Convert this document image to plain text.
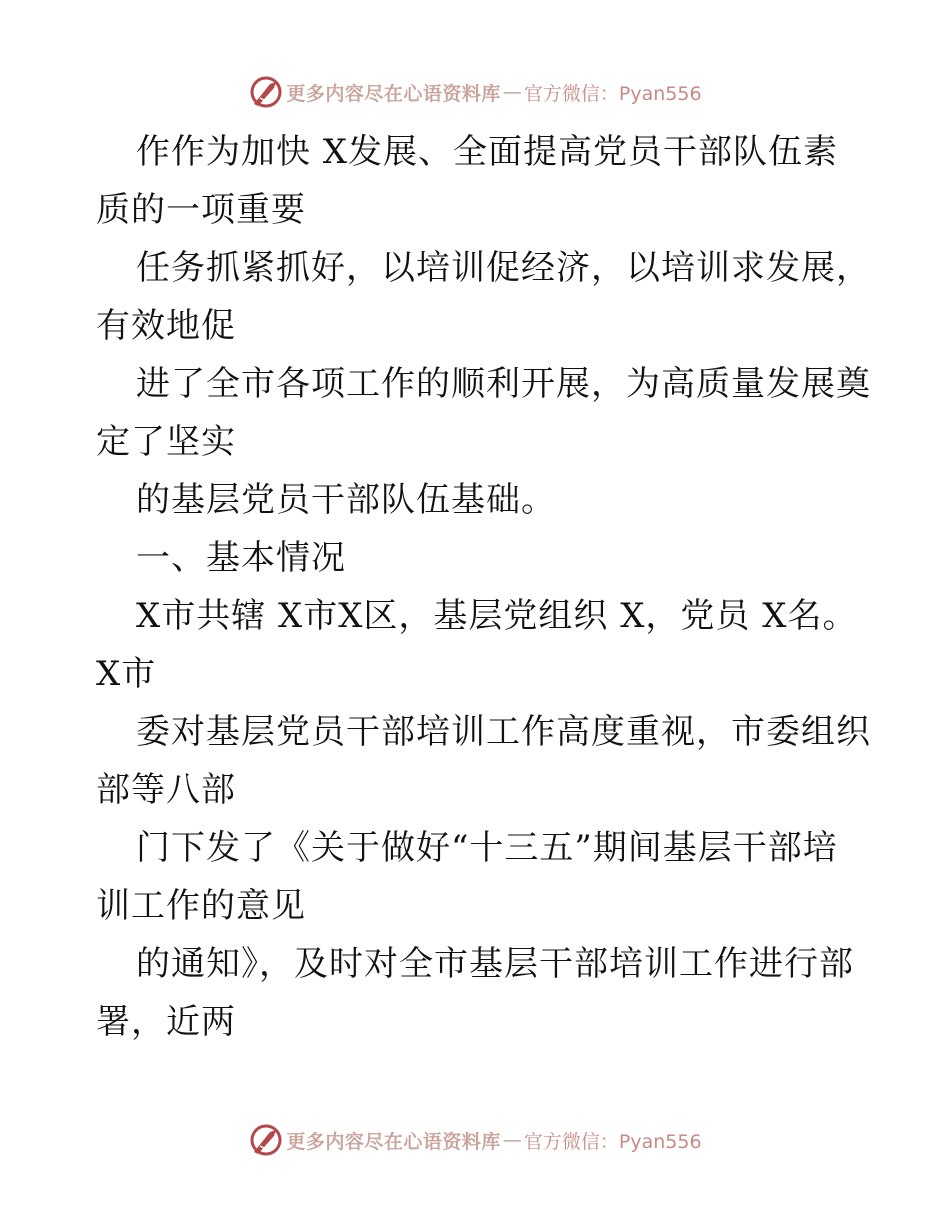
更多内容尽在心语资料库 — 官方微信：Pyan556
作作为加快 X发展、全面提高党员干部队伍素
质的一项重要
任务抓紧抓好，以培训促经济，以培训求发展，
有效地促
进了全市各项工作的顺利开展，为高质量发展奠
定了坚实
的基层党员干部队伍基础。
一、基本情况
X市共辖 X市X区，基层党组织 X，党员 X名。
X市
委对基层党员干部培训工作高度重视，市委组织
部等八部
门下发了《关于做好“十三五”期间基层干部培
训工作的意见
的通知》，及时对全市基层干部培训工作进行部
署，近两
更多内容尽在心语资料库 — 官方微信：Pyan556
